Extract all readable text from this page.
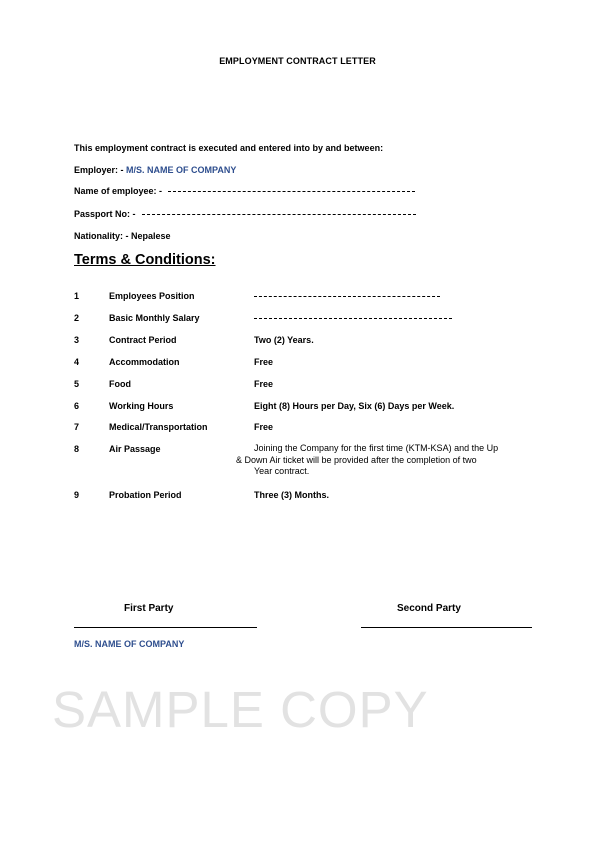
EMPLOYMENT CONTRACT LETTER
This employment contract is executed and entered into by and between:
Employer: - M/S. NAME OF COMPANY
Name of employee: -
Passport No: -
Nationality: - Nepalese
Terms & Conditions:
1	Employees Position
2	Basic Monthly Salary
3	Contract Period	Two (2) Years.
4	Accommodation	Free
5	Food	Free
6	Working Hours	Eight (8) Hours per Day, Six (6) Days per Week.
7	Medical/Transportation	Free
8	Air Passage	Joining the Company for the first time (KTM-KSA) and the Up
& Down Air ticket will be provided after the completion of two
Year contract.
9	Probation Period	Three (3) Months.
First Party	Second Party
M/S. NAME OF COMPANY
SAMPLE COPY
